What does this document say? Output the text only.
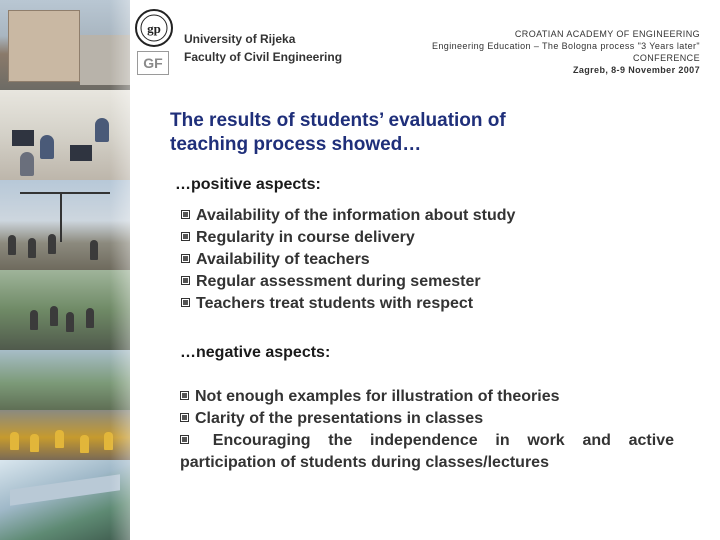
gp
GF
University of Rijeka
Faculty of Civil Engineering
CROATIAN ACADEMY OF ENGINEERING
Engineering Education – The Bologna process "3 Years later"
CONFERENCE
Zagreb, 8-9 November 2007
The results of students’ evaluation of
teaching process showed…
…positive aspects:
Availability of the information about study
Regularity in course delivery
Availability of teachers
Regular assessment during semester
Teachers treat students with respect
…negative aspects:
Not enough examples for illustration of theories
Clarity of the presentations in classes
Encouraging the independence in work and active participation of students during classes/lectures
